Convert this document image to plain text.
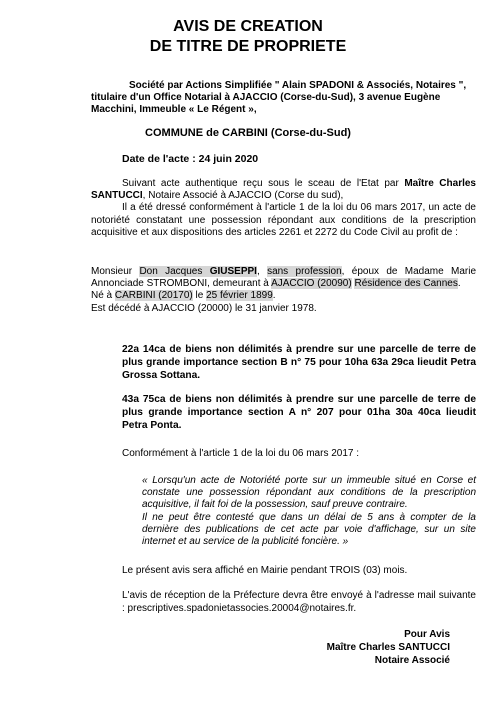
AVIS DE CREATION
DE TITRE DE PROPRIETE
Société par Actions Simplifiée " Alain SPADONI & Associés, Notaires ",
titulaire d'un Office Notarial à AJACCIO (Corse-du-Sud), 3 avenue Eugène
Macchini, Immeuble « Le Régent »,
COMMUNE de CARBINI (Corse-du-Sud)
Date de l'acte : 24 juin 2020
Suivant acte authentique reçu sous le sceau de l'Etat par Maître Charles SANTUCCI, Notaire Associé à AJACCIO (Corse du sud),
Il a été dressé conformément à l'article 1 de la loi du 06 mars 2017, un acte de notoriété constatant une possession répondant aux conditions de la prescription acquisitive et aux dispositions des articles 2261 et 2272 du Code Civil au profit de :
Monsieur Don Jacques GIUSEPPI, sans profession, époux de Madame Marie Annonciade STROMBONI, demeurant à AJACCIO (20090) Résidence des Cannes.
Né à CARBINI (20170) le 25 février 1899.
Est décédé à AJACCIO (20000) le 31 janvier 1978.
22a 14ca de biens non délimités à prendre sur une parcelle de terre de plus grande importance section B n° 75 pour 10ha 63a 29ca lieudit Petra Grossa Sottana.
43a 75ca de biens non délimités à prendre sur une parcelle de terre de plus grande importance section A n° 207 pour 01ha 30a 40ca lieudit Petra Ponta.
Conformément à l'article 1 de la loi du 06 mars 2017 :
« Lorsqu'un acte de Notoriété porte sur un immeuble situé en Corse et constate une possession répondant aux conditions de la prescription acquisitive, il fait foi de la possession, sauf preuve contraire.
Il ne peut être contesté que dans un délai de 5 ans à compter de la dernière des publications de cet acte par voie d'affichage, sur un site internet et au service de la publicité foncière. »
Le présent avis sera affiché en Mairie pendant TROIS (03) mois.
L'avis de réception de la Préfecture devra être envoyé à l'adresse mail suivante : prescriptives.spadonietassocies.20004@notaires.fr.
Pour Avis
Maître Charles SANTUCCI
Notaire Associé
